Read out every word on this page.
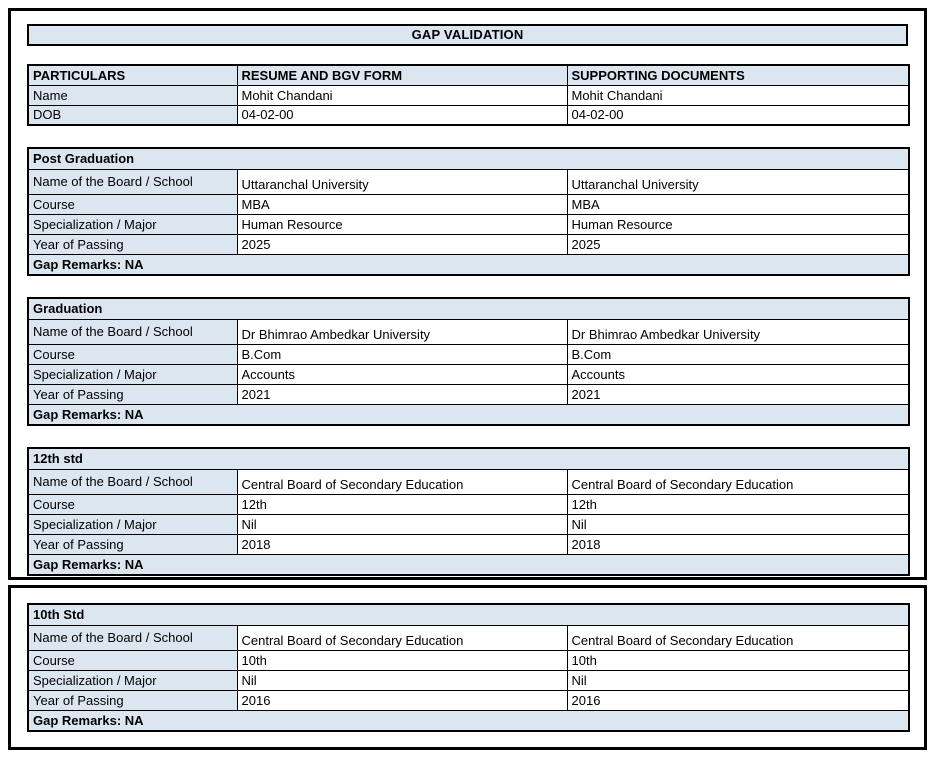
GAP VALIDATION
PARTICULARS	RESUME AND BGV FORM	SUPPORTING DOCUMENTS
Name	Mohit Chandani	Mohit Chandani
DOB	04-02-00	04-02-00
Post Graduation		
Name of the Board / School	Uttaranchal University	Uttaranchal University
Course	MBA	MBA
Specialization / Major	Human Resource	Human Resource
Year of Passing	2025	2025
Gap Remarks: NA		
Graduation		
Name of the Board / School	Dr Bhimrao Ambedkar University	Dr Bhimrao Ambedkar University
Course	B.Com	B.Com
Specialization / Major	Accounts	Accounts
Year of Passing	2021	2021
Gap Remarks: NA		
12th std		
Name of the Board / School	Central Board of Secondary Education	Central Board of Secondary Education
Course	12th	12th
Specialization / Major	Nil	Nil
Year of Passing	2018	2018
Gap Remarks: NA		
10th Std		
Name of the Board / School	Central Board of Secondary Education	Central Board of Secondary Education
Course	10th	10th
Specialization / Major	Nil	Nil
Year of Passing	2016	2016
Gap Remarks: NA		
